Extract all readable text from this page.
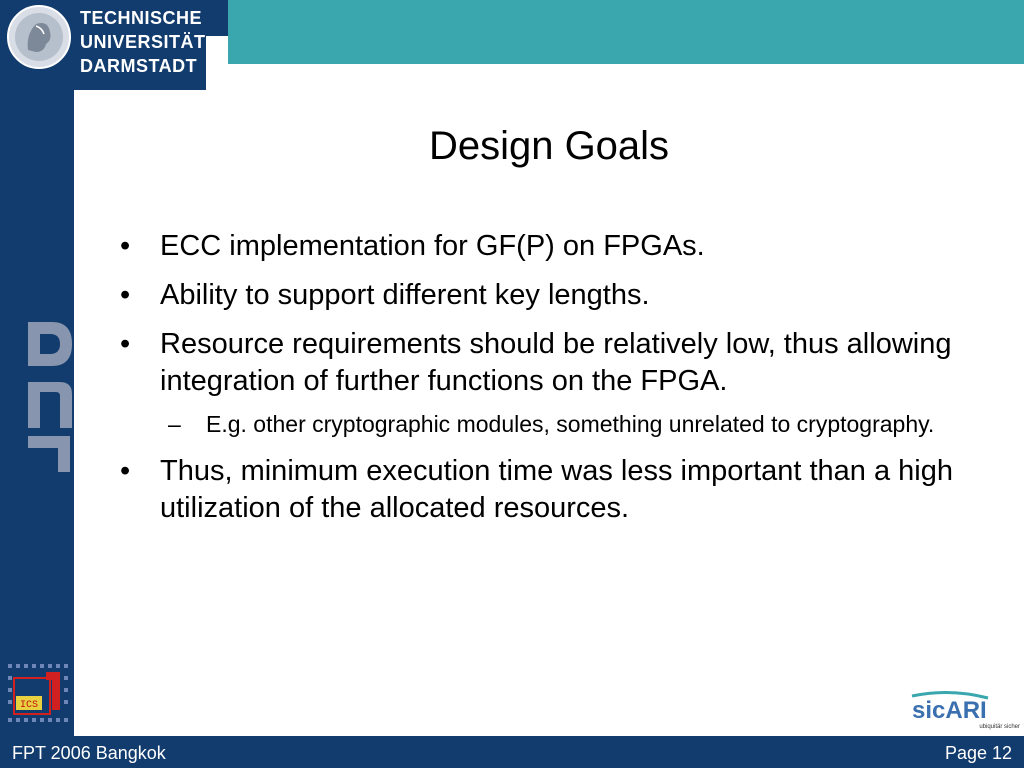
TECHNISCHE
UNIVERSITÄT
DARMSTADT
TUD
ICS
Design Goals
• ECC implementation for GF(P) on FPGAs.
• Ability to support different key lengths.
• Resource requirements should be relatively low, thus allowing integration of further functions on the FPGA.
– E.g. other cryptographic modules, something unrelated to cryptography.
• Thus, minimum execution time was less important than a high utilization of the allocated resources.
sicARI
ubiquitär sicher
FPT 2006 Bangkok	Page 12
